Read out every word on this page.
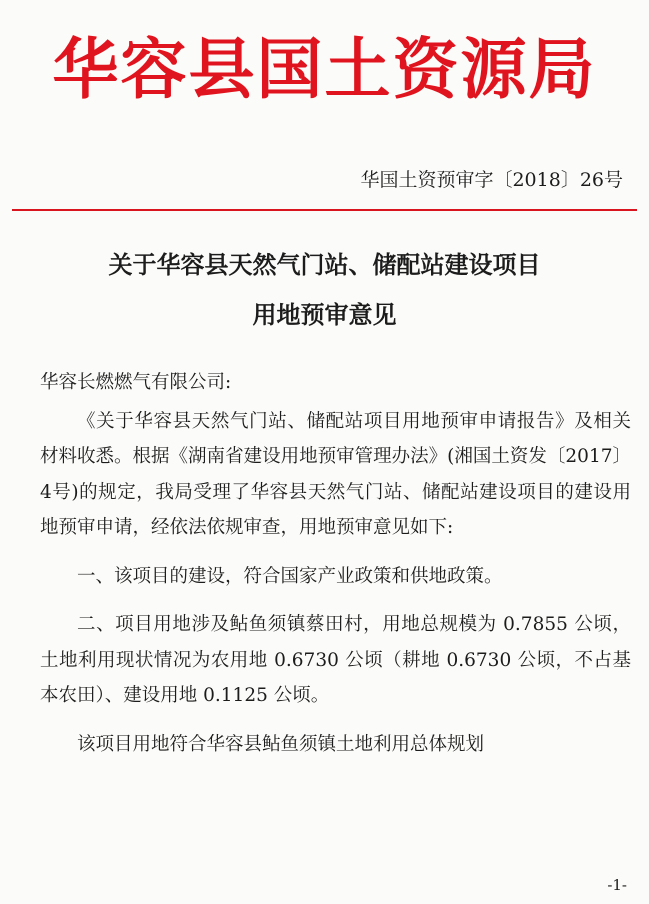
华容县国土资源局
华国土资预审字〔2018〕26号
关于华容县天然气门站、储配站建设项目
用地预审意见

华容长燃燃气有限公司:

《关于华容县天然气门站、储配站项目用地预审申请报告》及相关材料收悉。根据《湖南省建设用地预审管理办法》(湘国土资发〔2017〕4号)的规定，我局受理了华容县天然气门站、储配站建设项目的建设用地预审申请，经依法依规审查，用地预审意见如下:

一、该项目的建设，符合国家产业政策和供地政策。

二、项目用地涉及鲇鱼须镇蔡田村，用地总规模为 0.7855 公顷，土地利用现状情况为农用地 0.6730 公顷（耕地 0.6730 公顷，不占基本农田）、建设用地 0.1125 公顷。

该项目用地符合华容县鲇鱼须镇土地利用总体规划

-1-
